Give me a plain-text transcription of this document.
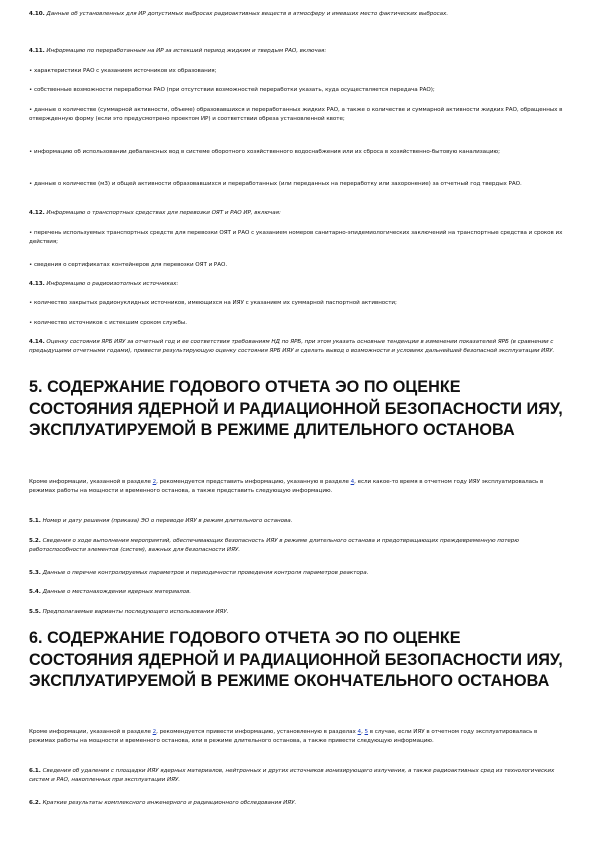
4.10. Данные об установленных для ИР допустимых выбросах радиоактивных веществ в атмосферу и имевших место фактических выбросах.

4.11. Информацию по переработанным на ИР за истекший период жидким и твердым РАО, включая:

• характеристики РАО с указанием источников их образования;

• собственные возможности переработки РАО (при отсутствии возможностей переработки указать, куда осуществляется передача РАО);

• данные о количестве (суммарной активности, объеме) образовавшихся и переработанных жидких РАО, а также о количестве и суммарной активности жидких РАО, обращенных в отвержденную форму (если это предусмотрено проектом ИР) и соответствии обреза установленной квоте;

• информацию об использовании дебалансных вод в системе оборотного хозяйственного водоснабжения или их сброса в хозяйственно-бытовую канализацию;

• данные о количестве (м3) и общей активности образовавшихся и переработанных (или переданных на переработку или захоронение) за отчетный год твердых РАО.

4.12. Информацию о транспортных средствах для перевозки ОЯТ и РАО ИР, включая:

• перечень используемых транспортных средств для перевозки ОЯТ и РАО с указанием номеров санитарно-эпидемиологических заключений на транспортные средства и сроков их действия;

• сведения о сертификатах контейнеров для перевозки ОЯТ и РАО.

4.13. Информацию о радиоизотопных источниках:

• количество закрытых радионуклидных источников, имеющихся на ИЯУ с указанием их суммарной паспортной активности;

• количество источников с истекшим сроком службы.

4.14. Оценку состояния ЯРБ ИЯУ за отчетный год и ее соответствия требованиям НД по ЯРБ, при этом указать основные тенденции в изменении показателей ЯРБ (в сравнении с предыдущими отчетными годами), привести результирующую оценку состояния ЯРБ ИЯУ и сделать вывод о возможности и условиях дальнейшей безопасной эксплуатации ИЯУ.

5. СОДЕРЖАНИЕ ГОДОВОГО ОТЧЕТА ЭО ПО ОЦЕНКЕ СОСТОЯНИЯ ЯДЕРНОЙ И РАДИАЦИОННОЙ БЕЗОПАСНОСТИ ИЯУ, ЭКСПЛУАТИРУЕМОЙ В РЕЖИМЕ ДЛИТЕЛЬНОГО ОСТАНОВА

Кроме информации, указанной в разделе 2, рекомендуется представить информацию, указанную в разделе 4, если какое-то время в отчетном году ИЯУ эксплуатировалась в режимах работы на мощности и временного останова, а также представить следующую информацию.

5.1. Номер и дату решения (приказа) ЭО о переводе ИЯУ в режим длительного останова.

5.2. Сведения о ходе выполнения мероприятий, обеспечивающих безопасность ИЯУ в режиме длительного останова и предотвращающих преждевременную потерю работоспособности элементов (систем), важных для безопасности ИЯУ.

5.3. Данные о перечне контролируемых параметров и периодичности проведения контроля параметров реактора.

5.4. Данные о местонахождении ядерных материалов.

5.5. Предполагаемые варианты последующего использования ИЯУ.

6. СОДЕРЖАНИЕ ГОДОВОГО ОТЧЕТА ЭО ПО ОЦЕНКЕ СОСТОЯНИЯ ЯДЕРНОЙ И РАДИАЦИОННОЙ БЕЗОПАСНОСТИ ИЯУ, ЭКСПЛУАТИРУЕМОЙ В РЕЖИМЕ ОКОНЧАТЕЛЬНОГО ОСТАНОВА

Кроме информации, указанной в разделе 2, рекомендуется привести информацию, установленную в разделах 4, 5 в случае, если ИЯУ в отчетном году эксплуатировалась в режимах работы на мощности и временного останова, или в режиме длительного останова, а также привести следующую информацию.

6.1. Сведения об удалении с площадки ИЯУ ядерных материалов, нейтронных и других источников ионизирующего излучения, а также радиоактивных сред из технологических систем и РАО, накопленных при эксплуатации ИЯУ.

6.2. Краткие результаты комплексного инженерного и радиационного обследования ИЯУ.
